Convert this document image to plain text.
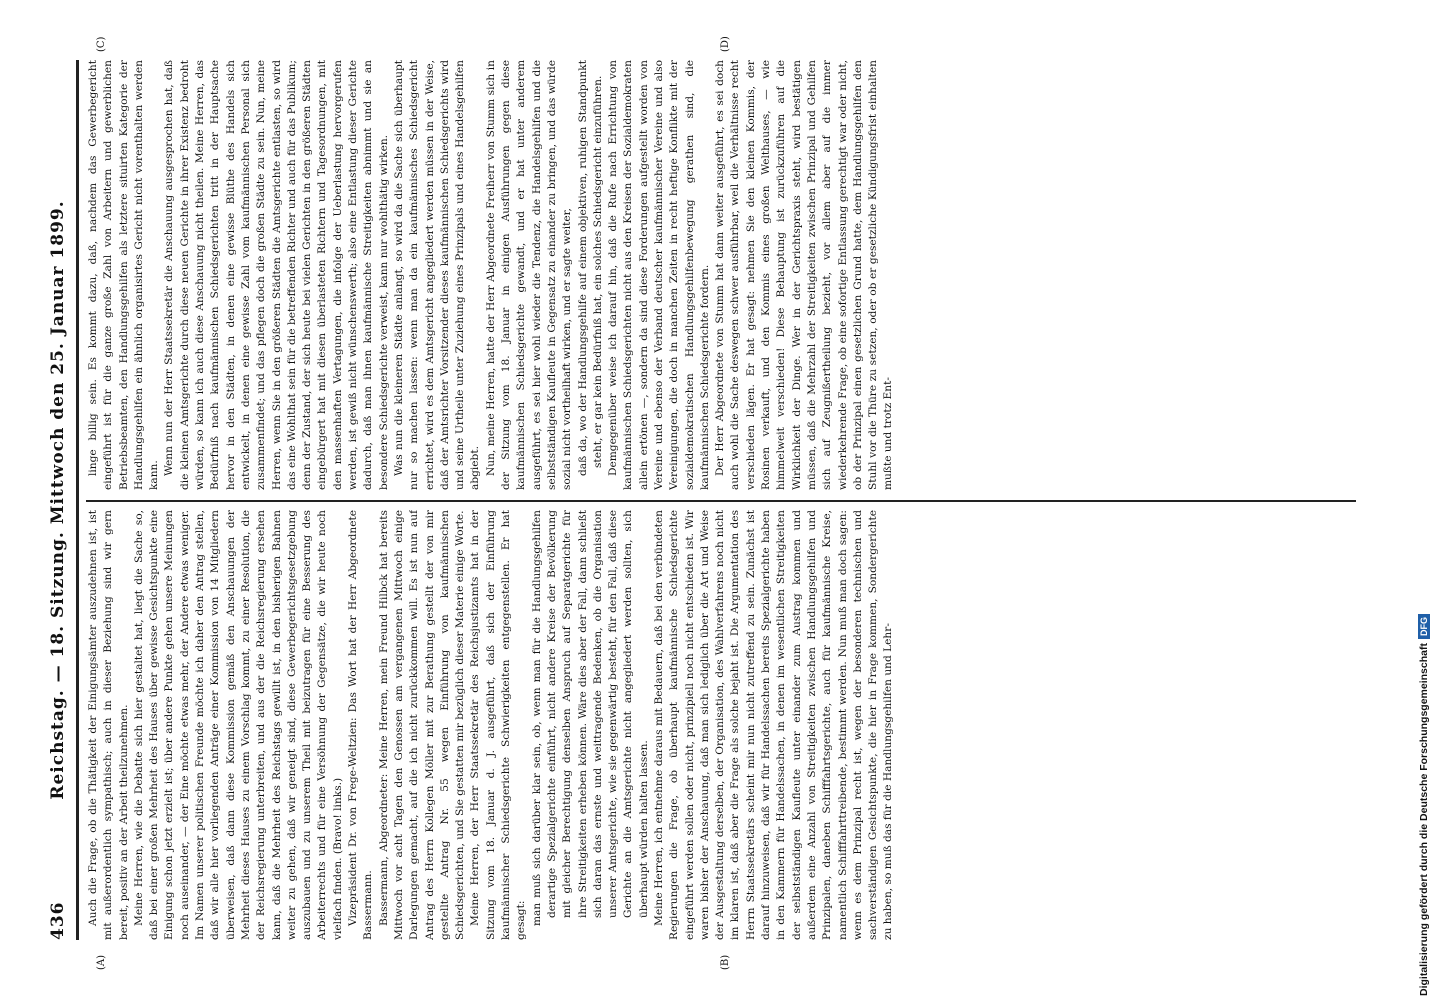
436
Reichstag. — 18. Sitzung. Mittwoch den 25. Januar 1899.
(A)	(B)
(C)	(D)

Auch die Frage, ob die Thätigkeit der Einigungsämter auszudehnen ist, ist mit außerordentlich sympathisch; auch in dieser Beziehung sind wir gern bereit, positiv an der Arbeit theilzunehmen. Meine Herren, wie die Debatte sich hier gestaltet hat, liegt die Sache so, daß bei einer großen Mehrheit des Hauses über gewisse Gesichtspunkte eine Einigung schon jetzt erzielt ist; über andere Punkte gehen unsere Meinungen noch auseinander, — der Eine möchte etwas mehr, der Andere etwas weniger. Im Namen unserer politischen Freunde möchte ich daher den Antrag stellen, daß wir alle hier vorliegenden Anträge einer Kommission von 14 Mitgliedern überweisen, daß dann diese Kommission gemäß den Anschauungen der Mehrheit dieses Hauses zu einem Vorschlag kommt, zu einer Resolution, die der Reichsregierung unterbreiten, und aus der die Reichsregierung ersehen kann, daß die Mehrheit des Reichstags gewillt ist, in den bisherigen Bahnen weiter zu gehen, daß wir geneigt sind, diese Gewerbegerichtsgesetzgebung auszubauen und zu unserem Theil mit beizutragen für eine Besserung des Arbeiterrechts und für eine Versöhnung der Gegensätze, die wir heute noch vielfach finden. (Bravo! links.) Vizepräsident Dr. von Frege-Weltzien: Das Wort hat der Herr Abgeordnete Bassermann. Bassermann, Abgeordneter: Meine Herren, mein Freund Hilbck hat bereits Mittwoch vor acht Tagen den Genossen am vergangenen Mittwoch einige Darlegungen gemacht, auf die ich nicht zurückkommen will. Es ist nun auf Antrag des Herrn Kollegen Möller mit zur Berathung gestellt der von mir gestellte Antrag Nr. 55 wegen Einführung von kaufmännischen Schiedsgerichten, und Sie gestatten mir bezüglich dieser Materie einige Worte. Meine Herren, der Herr Staatssekretär des Reichsjustizamts hat in der Sitzung vom 18. Januar d. J. ausgeführt, daß sich der Einführung kaufmännischer Schiedsgerichte Schwierigkeiten entgegenstellen. Er hat gesagt: man muß sich darüber klar sein, ob, wenn man für die Handlungsgehilfen derartige Spezialgerichte einführt, nicht andere Kreise der Bevölkerung mit gleicher Berechtigung denselben Anspruch auf Separatgerichte für ihre Streitigkeiten erheben können. Wäre dies aber der Fall, dann schließt sich daran das ernste und weittragende Bedenken, ob die Organisation unserer Amtsgerichte, wie sie gegenwärtig besteht, für den Fall, daß diese Gerichte an die Amtsgerichte nicht angegliedert werden sollten, sich überhaupt würden halten lassen. Meine Herren, ich entnehme daraus mit Bedauern, daß bei den verbündeten Regierungen die Frage, ob überhaupt kaufmännische Schiedsgerichte eingeführt werden sollen oder nicht, prinzipiell noch nicht entschieden ist. Wir waren bisher der Anschauung, daß man sich lediglich über die Art und Weise der Ausgestaltung derselben, der Organisation, des Wahlverfahrens noch nicht im klaren ist, daß aber die Frage als solche bejaht ist. Die Argumentation des Herrn Staatssekretärs scheint mir nun nicht zutreffend zu sein. Zunächst ist darauf hinzuweisen, daß wir für Handelssachen bereits Spezialgerichte haben in den Kammern für Handelssachen, in denen im wesentlichen Streitigkeiten der selbstständigen Kaufleute unter einander zum Austrag kommen und außerdem eine Anzahl von Streitigkeiten zwischen Handlungsgehilfen und Prinzipalen, daneben Schifffahrtsgerichte, auch für kaufmännische Kreise, namentlich Schifffahrttreibende, bestimmt werden. Nun muß man doch sagen: wenn es dem Prinzipal recht ist, wegen der besonderen technischen und sachverständigen Gesichtspunkte, die hier in Frage kommen, Sondergerichte zu haben, so muß das für die Handlungsgehilfen und Lehr-

linge billig sein. Es kommt dazu, daß, nachdem das Gewerbegericht eingeführt ist für die ganze große Zahl von Arbeitern und gewerblichen Betriebsbeamten, den Handlungsgehilfen als letztere situirten Kategorie der Handlungsgehilfen ein ähnlich organisirtes Gericht nicht vorenthalten werden kann. Wenn nun der Herr Staatssekretär die Anschauung ausgesprochen hat, daß die kleinen Amtsgerichte durch diese neuen Gerichte in ihrer Existenz bedroht würden, so kann ich auch diese Anschauung nicht theilen. Meine Herren, das Bedürfniß nach kaufmännischen Schiedsgerichten tritt in der Hauptsache hervor in den Städten, in denen eine gewisse Blüthe des Handels sich entwickelt, in denen eine gewisse Zahl vom kaufmännischen Personal sich zusammenfindet; und das pflegen doch die großen Städte zu sein. Nun, meine Herren, wenn Sie in den größeren Städten die Amtsgerichte entlasten, so wird das eine Wohlthat sein für die betreffenden Richter und auch für das Publikum; denn der Zustand, der sich heute bei vielen Gerichten in den größeren Städten eingebürgert hat mit diesen überlasteten Richtern und Tagesordnungen, mit den massenhaften Vertagungen, die infolge der Ueberlastung hervorgerufen werden, ist gewiß nicht wünschenswerth; also eine Entlastung dieser Gerichte dadurch, daß man ihnen kaufmännische Streitigkeiten abnimmt und sie an besondere Schiedsgerichte verweist, kann nur wohlthätig wirken. Was nun die kleineren Städte anlangt, so wird da die Sache sich überhaupt nur so machen lassen: wenn man da ein kaufmännisches Schiedsgericht errichtet, wird es dem Amtsgericht angegliedert werden müssen in der Weise, daß der Amtsrichter Vorsitzender dieses kaufmännischen Schiedsgerichts wird und seine Urtheile unter Zuziehung eines Prinzipals und eines Handelsgehilfen abgiebt. Nun, meine Herren, hatte der Herr Abgeordnete Freiherr von Stumm sich in der Sitzung vom 18. Januar in einigen Ausführungen gegen diese kaufmännischen Schiedsgerichte gewandt, und er hat unter anderem ausgeführt, es sei hier wohl wieder die Tendenz, die Handelsgehilfen und die selbstständigen Kaufleute in Gegensatz zu einander zu bringen, und das würde sozial nicht vortheilhaft wirken, und er sagte weiter, daß da, wo der Handlungsgehilfe auf einem objektiven, ruhigen Standpunkt steht, er gar kein Bedürfniß hat, ein solches Schiedsgericht einzuführen. Demgegenüber weise ich darauf hin, daß die Rufe nach Errichtung von kaufmännischen Schiedsgerichten nicht aus den Kreisen der Sozialdemokraten allein ertönen —, sondern da sind diese Forderungen aufgestellt worden von Vereine und ebenso der Verband deutscher kaufmännischer Vereine und also Vereinigungen, die doch in manchen Zeiten in recht heftige Konflikte mit der sozialdemokratischen Handlungsgehilfenbewegung gerathen sind, die kaufmännischen Schiedsgerichte fordern. Der Herr Abgeordnete von Stumm hat dann weiter ausgeführt, es sei doch auch wohl die Sache deswegen schwer ausführbar, weil die Verhältnisse recht verschieden lägen. Er hat gesagt: nehmen Sie den kleinen Kommis, der Rosinen verkauft, und den Kommis eines großen Welthauses, — wie himmelweit verschieden! Diese Behauptung ist zurückzuführen auf die Wirklichkeit der Dinge. Wer in der Gerichtspraxis steht, wird bestätigen müssen, daß die Mehrzahl der Streitigkeiten zwischen Prinzipal und Gehilfen sich auf Zeugnißertheilung bezieht, vor allem aber auf die immer wiederkehrende Frage, ob eine sofortige Entlassung gerechtigt war oder nicht, ob der Prinzipal einen gesetzlichen Grund hatte, dem Handlungsgehilfen den Stuhl vor die Thüre zu setzen, oder ob er gesetzliche Kündigungsfrist einhalten mußte und trotz Ent-

Digitalisierung gefördert durch die Deutsche Forschungsgemeinschaft
DFG
